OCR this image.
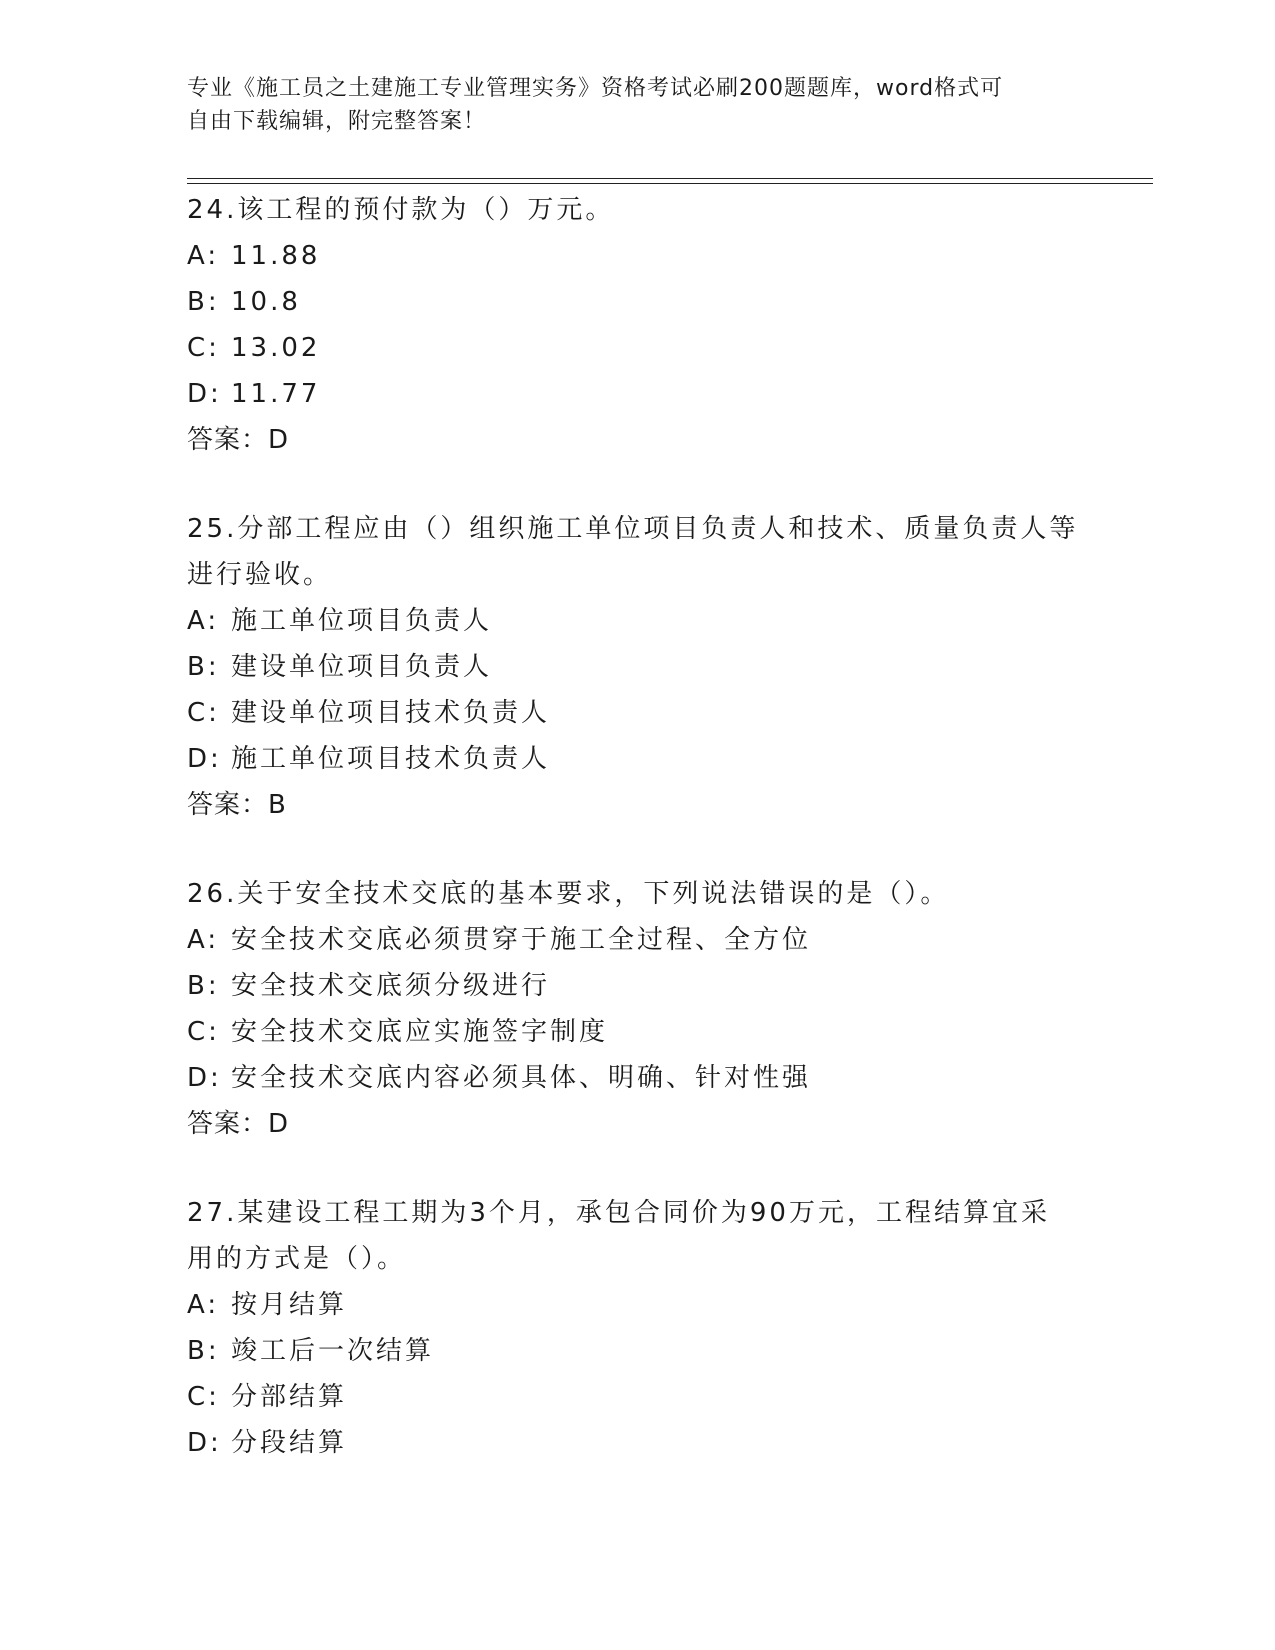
专业《施工员之土建施工专业管理实务》资格考试必刷200题题库，word格式可
自由下载编辑，附完整答案！

24.该工程的预付款为（）万元。

A: 11.88

B: 10.8

C: 13.02

D: 11.77

答案：D

25.分部工程应由（）组织施工单位项目负责人和技术、质量负责人等

进行验收。

A: 施工单位项目负责人

B: 建设单位项目负责人

C: 建设单位项目技术负责人

D: 施工单位项目技术负责人

答案：B

26.关于安全技术交底的基本要求，下列说法错误的是（）。

A: 安全技术交底必须贯穿于施工全过程、全方位

B: 安全技术交底须分级进行

C: 安全技术交底应实施签字制度

D: 安全技术交底内容必须具体、明确、针对性强

答案：D

27.某建设工程工期为3个月，承包合同价为90万元，工程结算宜采

用的方式是（）。

A: 按月结算

B: 竣工后一次结算

C: 分部结算

D: 分段结算
